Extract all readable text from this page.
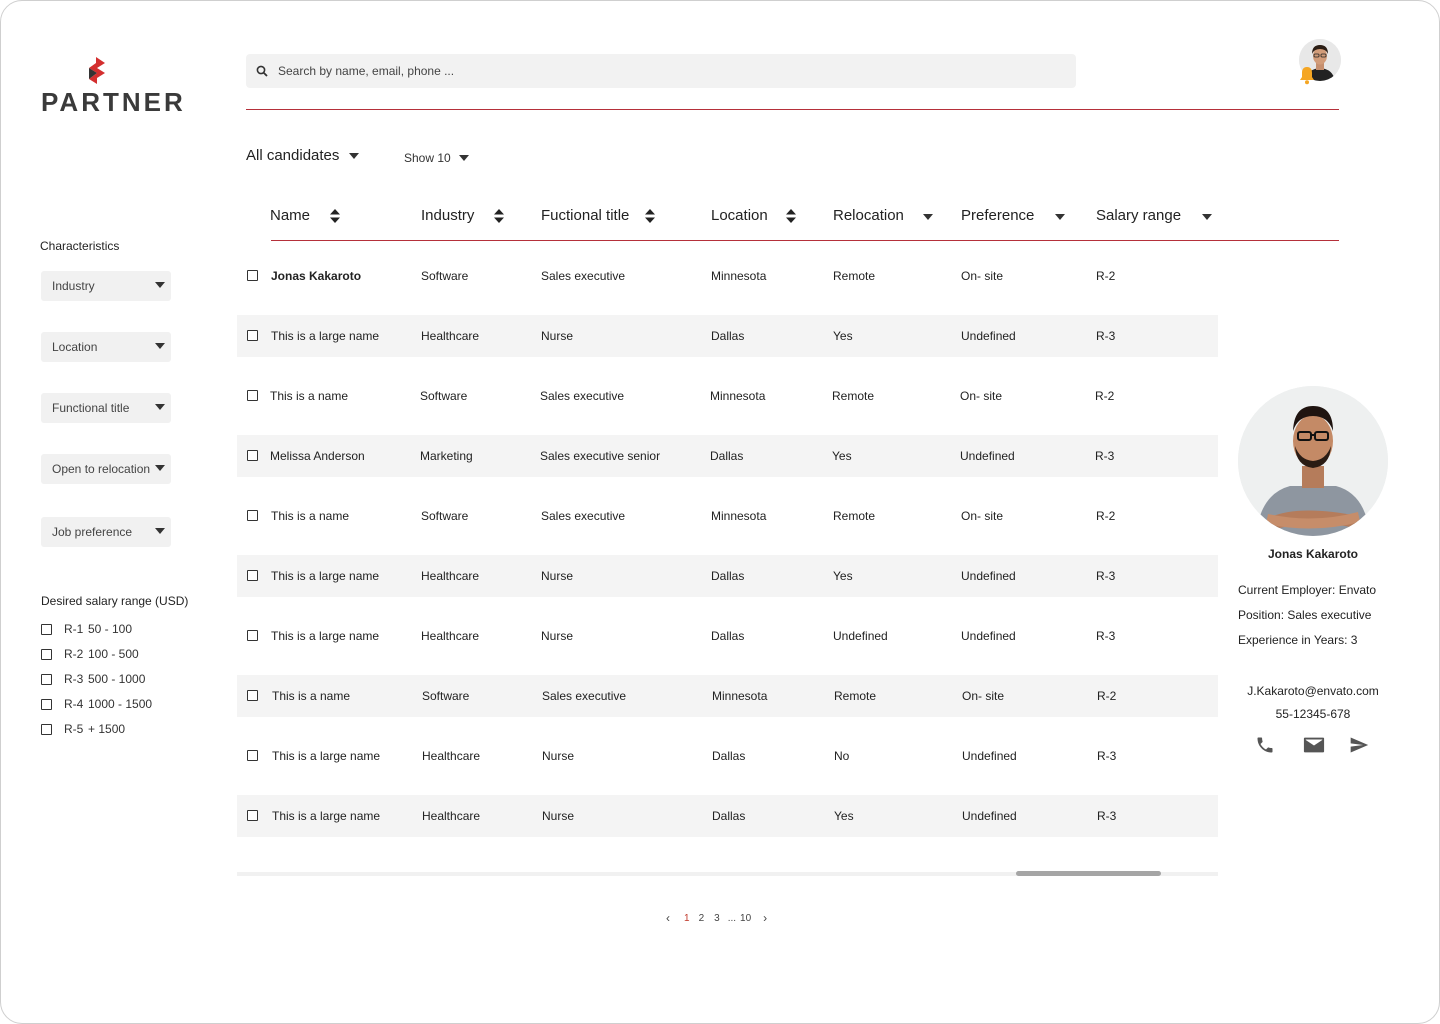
PARTNER
Search by name, email, phone ...
Characteristics
Industry
Location
Functional title
Open to relocation
Job preference
Desired salary range (USD)
R-1 50 - 100
R-2 100 - 500
R-3 500 - 1000
R-4 1000 - 1500
R-5 + 1500
All candidates	Show 10
Name	Industry	Fuctional title	Location	Relocation	Preference	Salary range
Jonas Kakaroto	Software	Sales executive	Minnesota	Remote	On- site	R-2
This is a large name	Healthcare	Nurse	Dallas	Yes	Undefined	R-3
This is a name	Software	Sales executive	Minnesota	Remote	On- site	R-2
Melissa Anderson	Marketing	Sales executive senior	Dallas	Yes	Undefined	R-3
This is a name	Software	Sales executive	Minnesota	Remote	On- site	R-2
This is a large name	Healthcare	Nurse	Dallas	Yes	Undefined	R-3
This is a large name	Healthcare	Nurse	Dallas	Undefined	Undefined	R-3
This is a name	Software	Sales executive	Minnesota	Remote	On- site	R-2
This is a large name	Healthcare	Nurse	Dallas	No	Undefined	R-3
This is a large name	Healthcare	Nurse	Dallas	Yes	Undefined	R-3
‹ 1 2 3 ... 10 ›
Jonas Kakaroto
Current Employer: Envato
Position: Sales executive
Experience in Years: 3
J.Kakaroto@envato.com
55-12345-678
